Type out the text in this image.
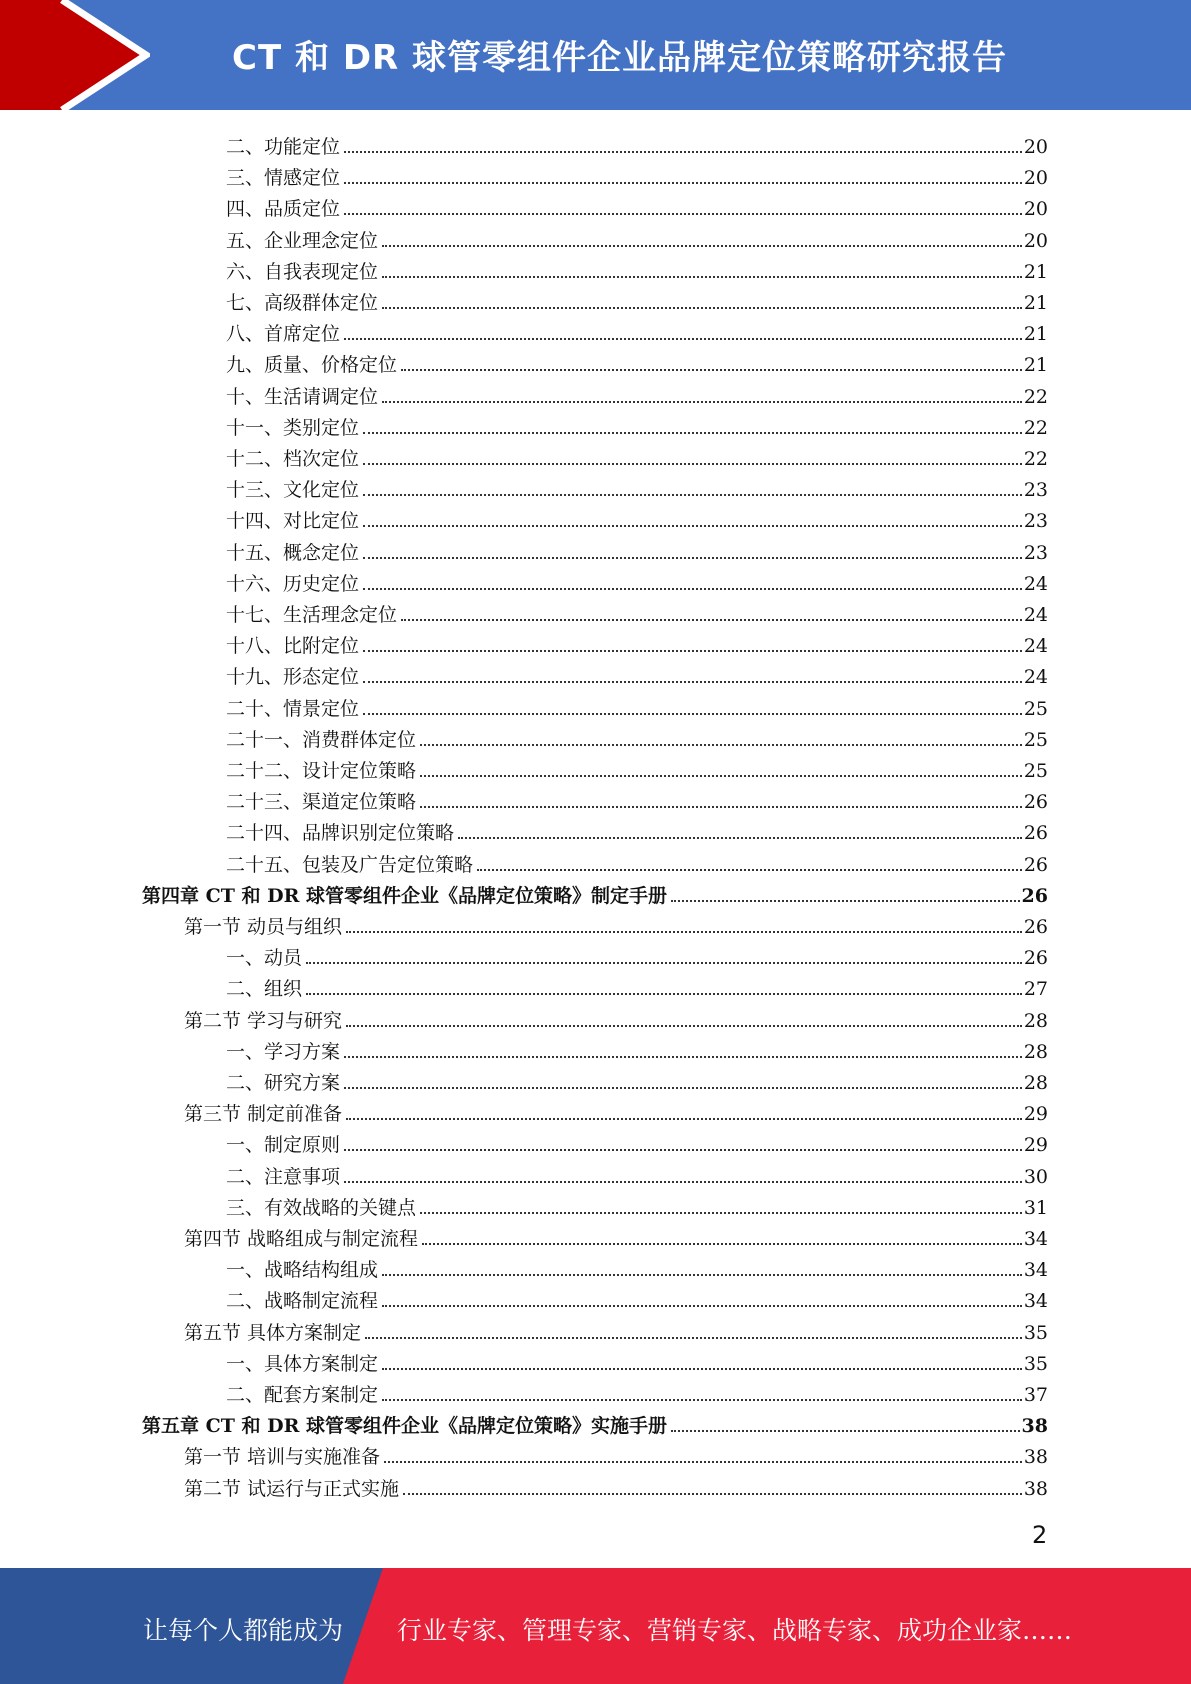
CT 和 DR 球管零组件企业品牌定位策略研究报告
二、功能定位	20
三、情感定位	20
四、品质定位	20
五、企业理念定位	20
六、自我表现定位	21
七、高级群体定位	21
八、首席定位	21
九、质量、价格定位	21
十、生活请调定位	22
十一、类别定位	22
十二、档次定位	22
十三、文化定位	23
十四、对比定位	23
十五、概念定位	23
十六、历史定位	24
十七、生活理念定位	24
十八、比附定位	24
十九、形态定位	24
二十、情景定位	25
二十一、消费群体定位	25
二十二、设计定位策略	25
二十三、渠道定位策略	26
二十四、品牌识别定位策略	26
二十五、包装及广告定位策略	26
第四章 CT 和 DR 球管零组件企业《品牌定位策略》制定手册	26
第一节 动员与组织	26
一、动员	26
二、组织	27
第二节 学习与研究	28
一、学习方案	28
二、研究方案	28
第三节 制定前准备	29
一、制定原则	29
二、注意事项	30
三、有效战略的关键点	31
第四节 战略组成与制定流程	34
一、战略结构组成	34
二、战略制定流程	34
第五节 具体方案制定	35
一、具体方案制定	35
二、配套方案制定	37
第五章 CT 和 DR 球管零组件企业《品牌定位策略》实施手册	38
第一节 培训与实施准备	38
第二节 试运行与正式实施	38
2
让每个人都能成为 行业专家、管理专家、营销专家、战略专家、成功企业家……
